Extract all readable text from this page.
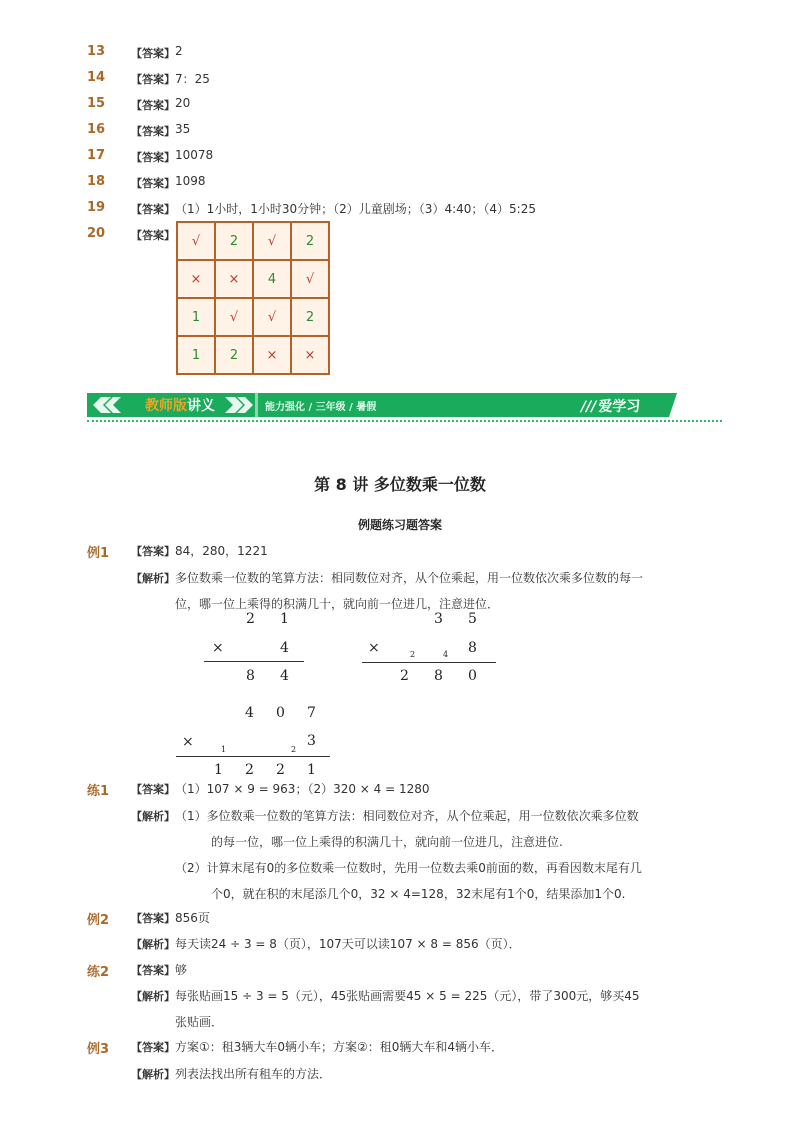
13 【答案】 2
14 【答案】 7：25
15 【答案】 20
16 【答案】 35
17 【答案】 10078
18 【答案】 1098
19 【答案】 （1）1小时，1小时30分钟；（2）儿童剧场；（3）4:40；（4）5:25
20 【答案】	√	2	√	2
×	×	4	√
1	√	√	2
1	2	×	×
教师版讲义	能力强化 / 三年级 / 暑假	/// 爱学习
第 8 讲 多位数乘一位数
例题练习题答案
例1 【答案】 84，280，1221
【解析】 多位数乘一位数的笔算方法：相同数位对齐，从个位乘起，用一位数依次乘多位数的每一
位，哪一位上乘得的积满几十，就向前一位进几，注意进位．
2 1
×	4
8 4
3 5
×	2	4 8
2 8 0
4 0 7
×	1	2
3
1 2 2 1
练1 【答案】 （1）107 × 9 = 963；（2）320 × 4 = 1280
【解析】 （1）多位数乘一位数的笔算方法：相同数位对齐，从个位乘起，用一位数依次乘多位数
的每一位，哪一位上乘得的积满几十，就向前一位进几，注意进位.
（2）计算末尾有0的多位数乘一位数时，先用一位数去乘0前面的数，再看因数末尾有几
个0，就在积的末尾添几个0，32 × 4=128，32末尾有1个0，结果添加1个0.
例2 【答案】 856页
【解析】 每天读24 ÷ 3 = 8（页），107天可以读107 × 8 = 856（页）．
练2 【答案】 够
【解析】 每张贴画15 ÷ 3 = 5（元），45张贴画需要45 × 5 = 225（元），带了300元，够买45
张贴画．
例3 【答案】 方案①：租3辆大车0辆小车；方案②：租0辆大车和4辆小车．
【解析】 列表法找出所有租车的方法．
